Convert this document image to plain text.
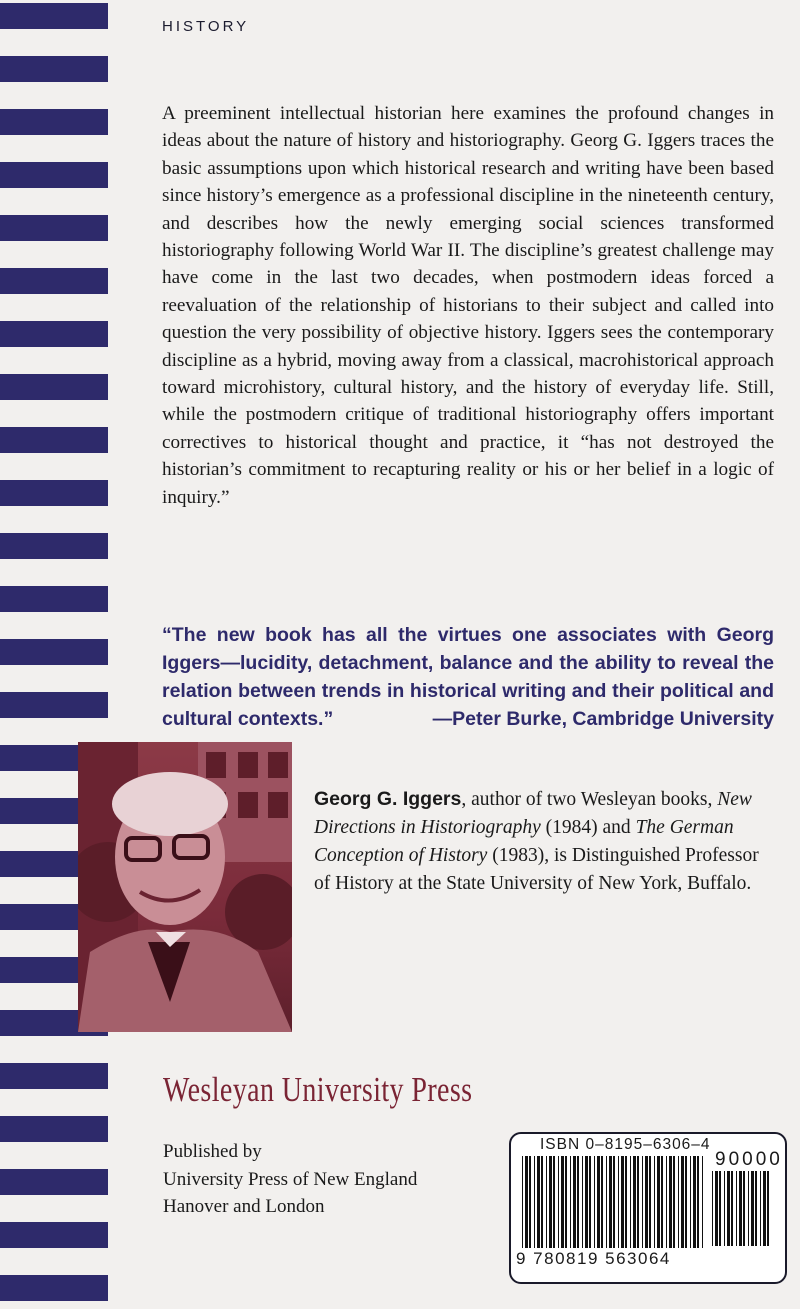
HISTORY

A preeminent intellectual historian here examines the profound changes in ideas about the nature of history and historiography. Georg G. Iggers traces the basic assumptions upon which historical research and writing have been based since history’s emergence as a professional discipline in the nineteenth century, and describes how the newly emerging social sciences transformed historiography following World War II. The discipline’s greatest challenge may have come in the last two decades, when postmodern ideas forced a reevaluation of the relationship of historians to their subject and called into question the very possibility of objective history. Iggers sees the contemporary discipline as a hybrid, moving away from a classical, macrohistorical approach toward microhistory, cultural history, and the history of everyday life. Still, while the postmodern critique of traditional historiography offers important correctives to historical thought and practice, it “has not destroyed the historian’s commitment to recapturing reality or his or her belief in a logic of inquiry.”

“The new book has all the virtues one associates with Georg Iggers—lucidity, detachment, balance and the ability to reveal the relation between trends in historical writing and their political and cultural contexts.”	—Peter Burke, Cambridge University
Georg G. Iggers, author of two Wesleyan books, New Directions in Historiography (1984) and The German Conception of History (1983), is Distinguished Professor of History at the State University of New York, Buffalo.
Wesleyan University Press
Published by
University Press of New England
Hanover and London
ISBN 0–8195–6306–4
90000
9 780819 563064
